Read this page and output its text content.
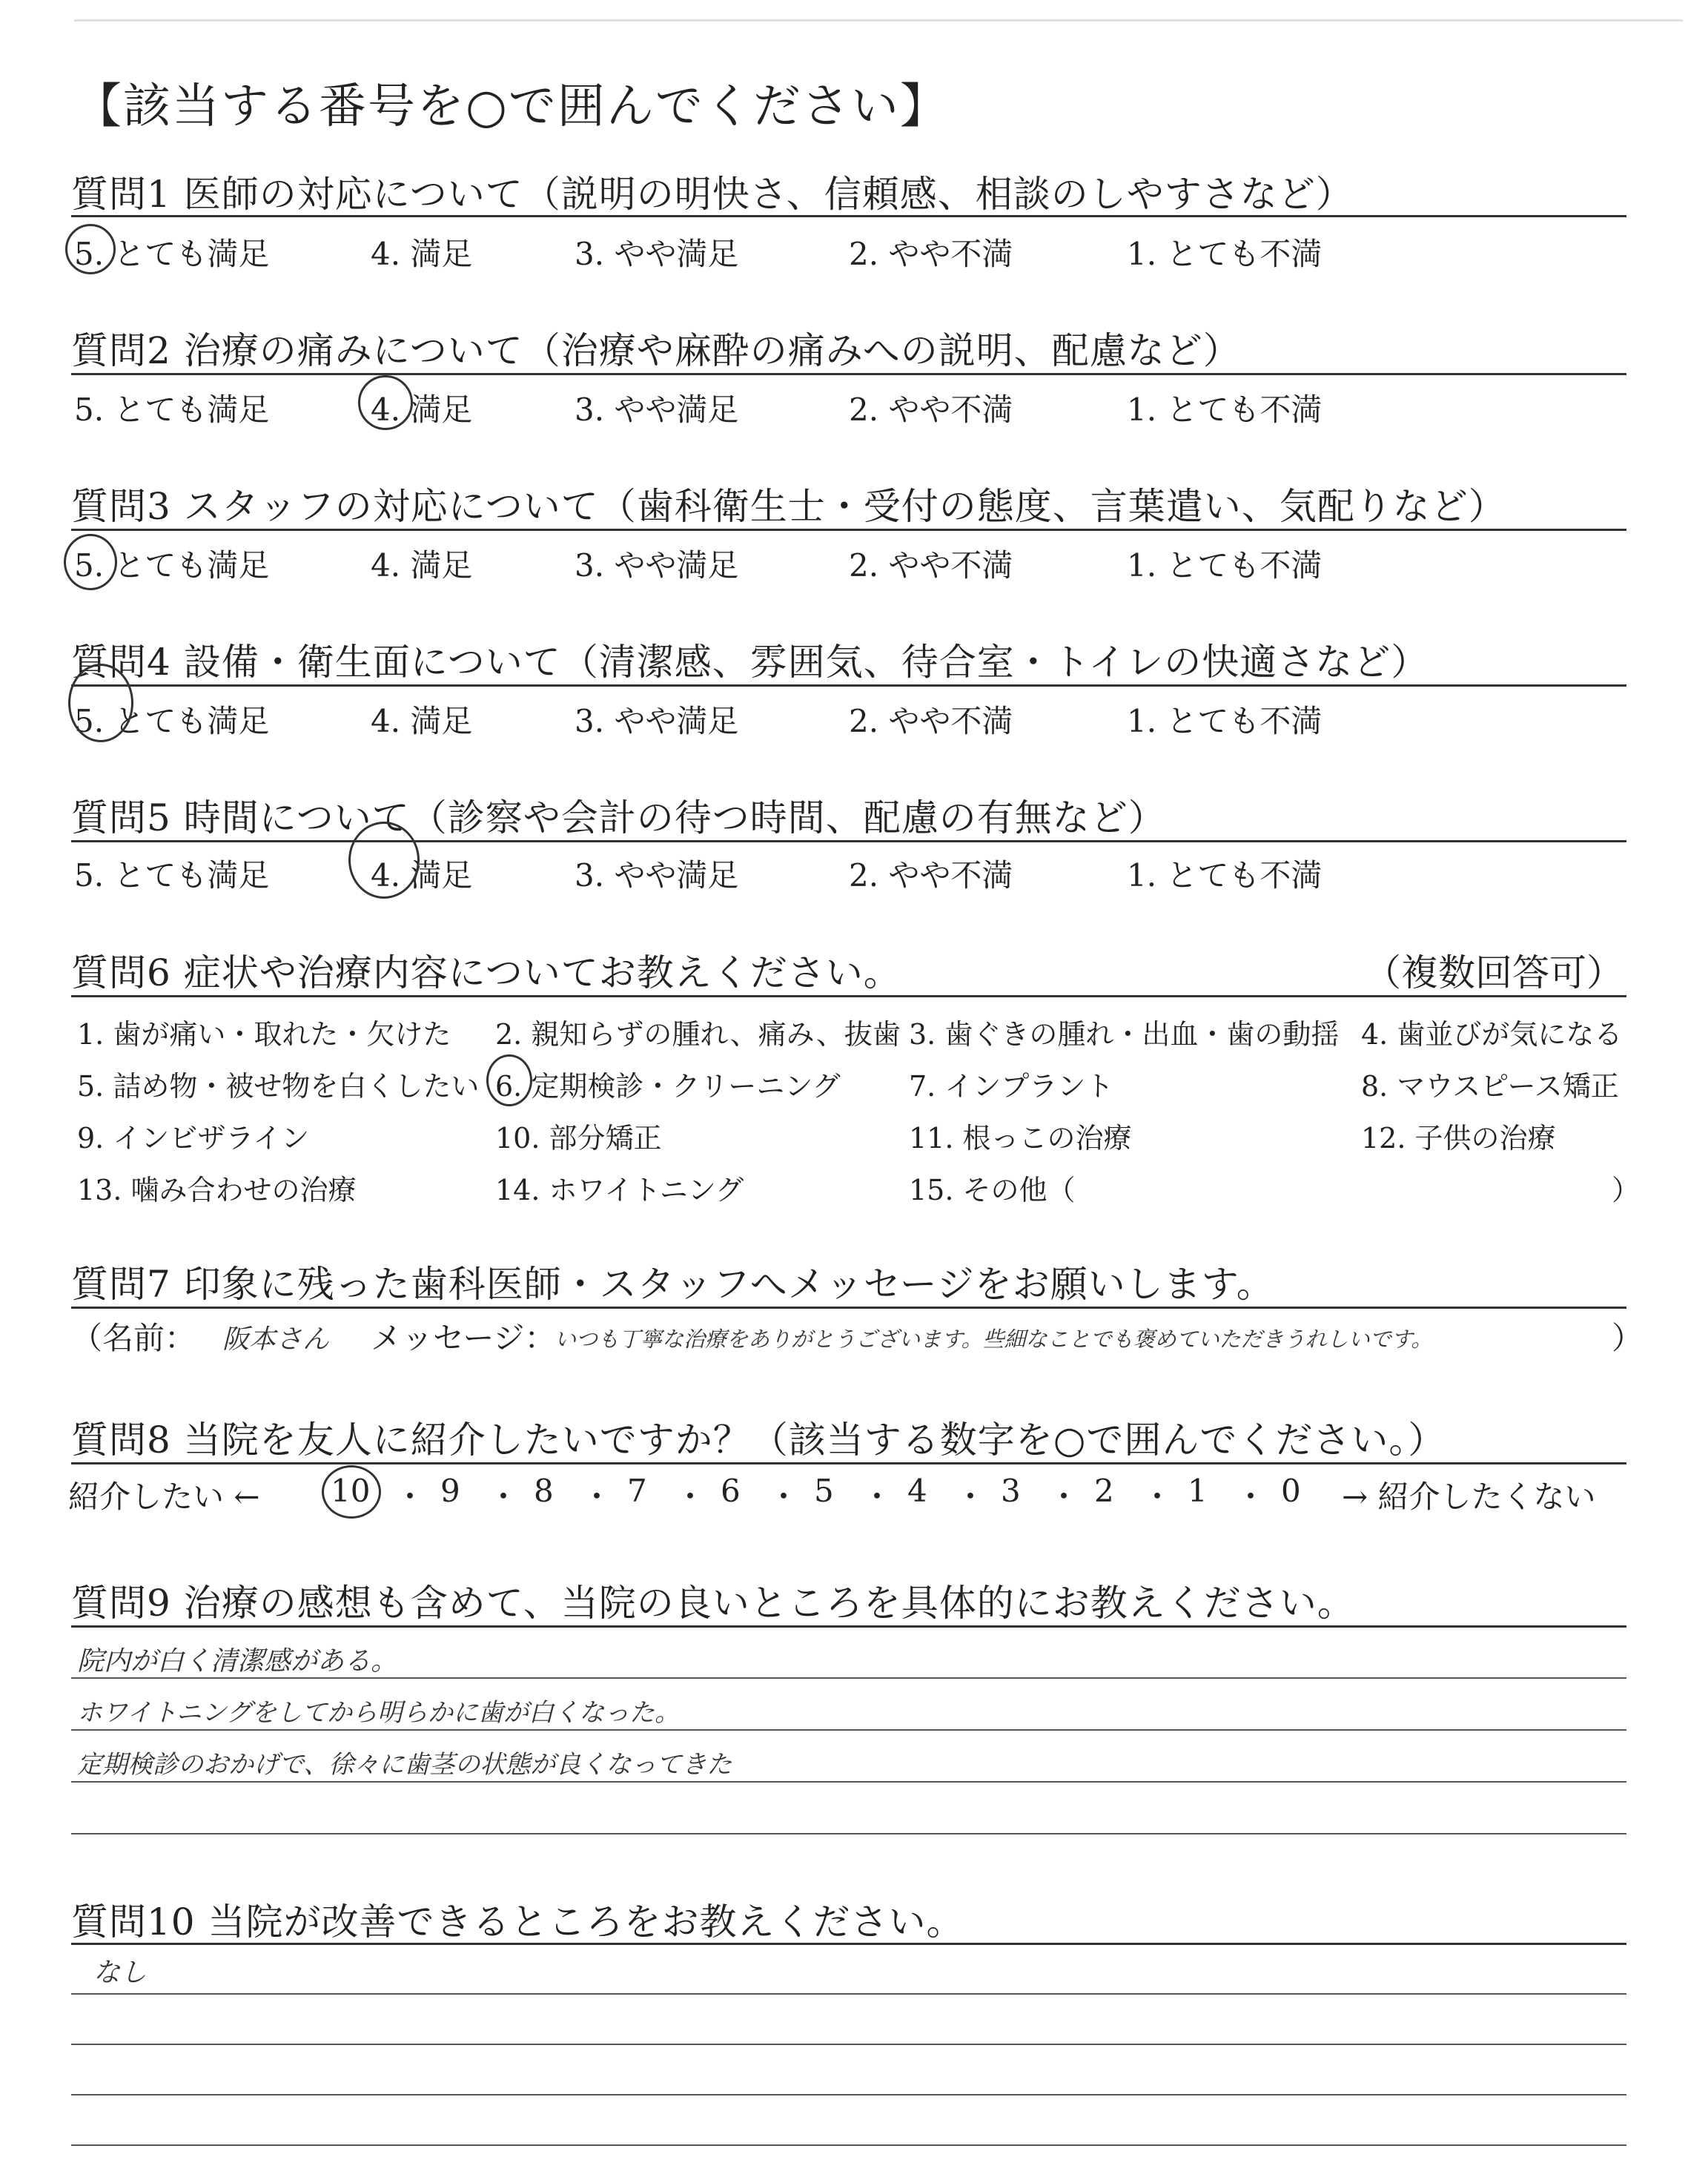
【該当する番号を○で囲んでください】
質問1 医師の対応について（説明の明快さ、信頼感、相談のしやすさなど）
5. とても満足	4. 満足	3. やや満足	2. やや不満	1. とても不満
質問2 治療の痛みについて（治療や麻酔の痛みへの説明、配慮など）
5. とても満足	4. 満足	3. やや満足	2. やや不満	1. とても不満
質問3 スタッフの対応について（歯科衛生士・受付の態度、言葉遣い、気配りなど）
5. とても満足	4. 満足	3. やや満足	2. やや不満	1. とても不満
質問4 設備・衛生面について（清潔感、雰囲気、待合室・トイレの快適さなど）
5. とても満足	4. 満足	3. やや満足	2. やや不満	1. とても不満
質問5 時間について（診察や会計の待つ時間、配慮の有無など）
5. とても満足	4. 満足	3. やや満足	2. やや不満	1. とても不満
質問6 症状や治療内容についてお教えください。	（複数回答可）
1. 歯が痛い・取れた・欠けた 2. 親知らずの腫れ、痛み、抜歯 3. 歯ぐきの腫れ・出血・歯の動揺 4. 歯並びが気になる
5. 詰め物・被せ物を白くしたい 6. 定期検診・クリーニング 7. インプラント	8. マウスピース矯正
9. インビザライン	10. 部分矯正	11. 根っこの治療	12. 子供の治療
13. 噛み合わせの治療	14. ホワイトニング	15. その他（	）
質問7 印象に残った歯科医師・スタッフへメッセージをお願いします。
（名前： 阪本さん メッセージ：
いつも丁寧な治療をありがとうございます。些細なことでも褒めていただきうれしいです。	）
質問8 当院を友人に紹介したいですか？（該当する数字を○で囲んでください。）
紹介したい ← 10 ・ 9 ・ 8 ・ 7 ・ 6 ・ 5 ・ 4 ・ 3 ・ 2 ・ 1 ・ 0 → 紹介したくない
質問9 治療の感想も含めて、当院の良いところを具体的にお教えください。
院内が白く清潔感がある。
ホワイトニングをしてから明らかに歯が白くなった。
定期検診のおかげで、徐々に歯茎の状態が良くなってきた
質問10 当院が改善できるところをお教えください。
なし
